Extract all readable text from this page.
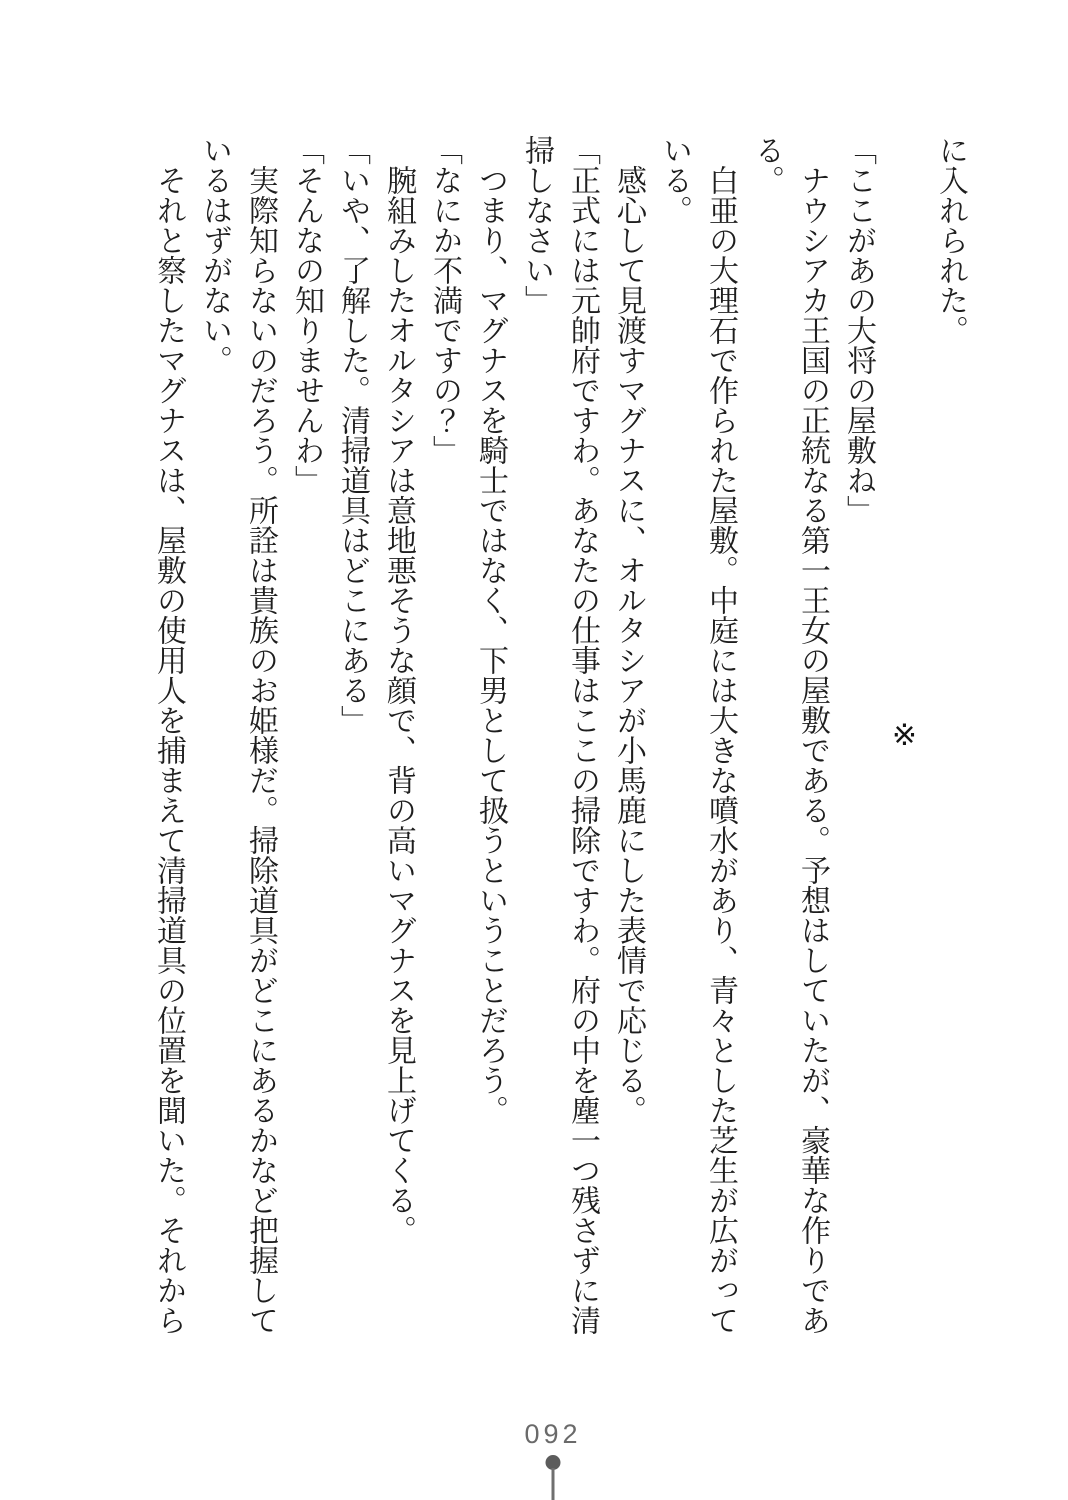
に入れられた。

※

「ここがあの大将の屋敷ね」

ナウシアカ王国の正統なる第一王女の屋敷である。予想はしていたが、豪華な作りである。

白亜の大理石で作られた屋敷。中庭には大きな噴水があり、青々とした芝生が広がっている。

感心して見渡すマグナスに、オルタシアが小馬鹿にした表情で応じる。

「正式には元帥府ですわ。あなたの仕事はここの掃除ですわ。府の中を塵一つ残さずに清掃しなさい」

つまり、マグナスを騎士ではなく、下男として扱うということだろう。

「なにか不満ですの？」

腕組みしたオルタシアは意地悪そうな顔で、背の高いマグナスを見上げてくる。

「いや、了解した。清掃道具はどこにある」

「そんなの知りませんわ」

実際知らないのだろう。所詮は貴族のお姫様だ。掃除道具がどこにあるかなど把握しているはずがない。

それと察したマグナスは、屋敷の使用人を捕まえて清掃道具の位置を聞いた。それから

092
